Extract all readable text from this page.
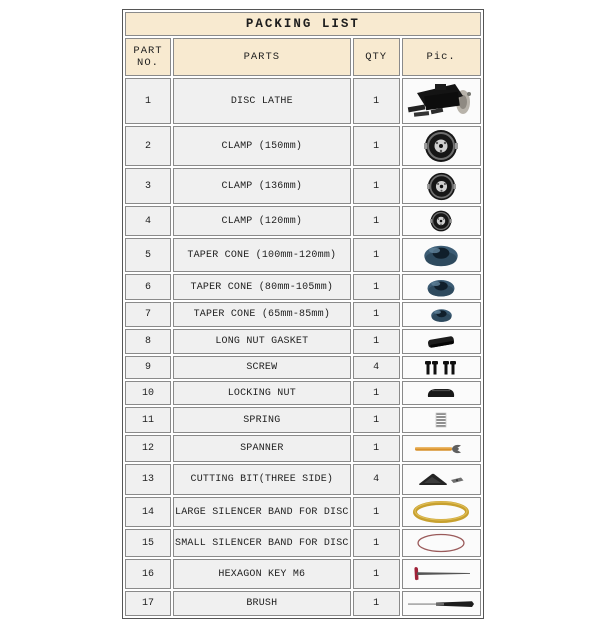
PACKING LIST			

PART
NO.	PARTS	QTY	Pic.
1	DISC LATHE	1	

2	CLAMP (150mm)	1	

3	CLAMP (136mm)	1	

4	CLAMP (120mm)	1	

5	TAPER CONE (100mm-120mm)	1	

6	TAPER CONE (80mm-105mm)	1	

7	TAPER CONE (65mm-85mm)	1	

8	LONG NUT GASKET	1	

9	SCREW	4	

10	LOCKING NUT	1	

11	SPRING	1	

12	SPANNER	1	

13	CUTTING BIT(THREE SIDE)	4	

14	LARGE SILENCER BAND FOR DISC	1	

15	SMALL SILENCER BAND FOR DISC	1	

16	HEXAGON KEY M6	1	

17	BRUSH	1	
